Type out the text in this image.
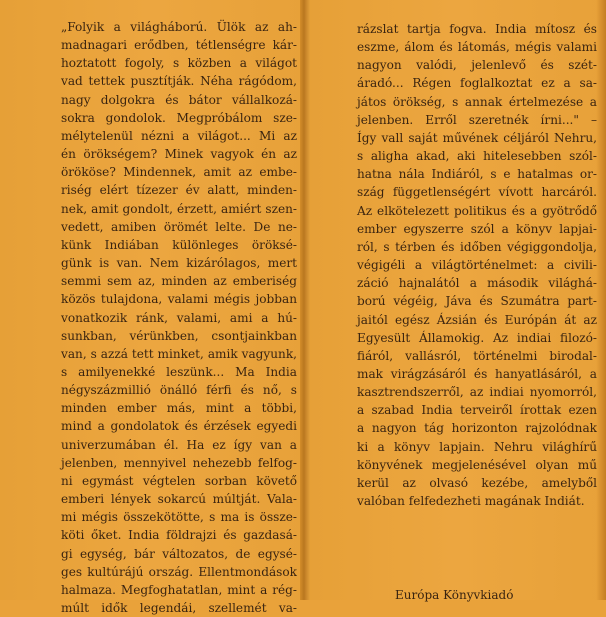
„Folyik a világháború. Ülök az ah-
madnagari erődben, tétlenségre kár-
hoztatott fogoly, s közben a világot
vad tettek pusztítják. Néha rágódom,
nagy dolgokra és bátor vállalkozá-
sokra gondolok. Megpróbálom sze-
mélytelenül nézni a világot... Mi az
én örökségem? Minek vagyok én az
örököse? Mindennek, amit az embe-
riség elért tízezer év alatt, minden-
nek, amit gondolt, érzett, amiért szen-
vedett, amiben örömét lelte. De ne-
künk Indiában különleges öröksé-
günk is van. Nem kizárólagos, mert
semmi sem az, minden az emberiség
közös tulajdona, valami mégis jobban
vonatkozik ránk, valami, ami a hú-
sunkban, vérünkben, csontjainkban
van, s azzá tett minket, amik vagyunk,
s amilyenekké leszünk... Ma India
négyszázmillió önálló férfi és nő, s
minden ember más, mint a többi,
mind a gondolatok és érzések egyedi
univerzumában él. Ha ez így van a
jelenben, mennyivel nehezebb felfog-
ni egymást végtelen sorban követő
emberi lények sokarcú múltját. Vala-
mi mégis összekötötte, s ma is össze-
köti őket. India földrajzi és gazdasá-
gi egység, bár változatos, de egysé-
ges kultúrájú ország. Ellentmondások
halmaza. Megfoghatatlan, mint a rég-
múlt idők legendái, szellemét va-
rázslat tartja fogva. India mítosz és
eszme, álom és látomás, mégis valami
nagyon valódi, jelenlevő és szét-
áradó... Régen foglalkoztat ez a sa-
játos örökség, s annak értelmezése a
jelenben. Erről szeretnék írni..." –
Így vall saját művének céljáról Nehru,
s aligha akad, aki hitelesebben szól-
hatna nála Indiáról, s e hatalmas or-
szág függetlenségért vívott harcáról.
Az elkötelezett politikus és a gyötrődő
ember egyszerre szól a könyv lapjai-
ról, s térben és időben végiggondolja,
végigéli a világtörténelmet: a civili-
záció hajnalától a második világhá-
ború végéig, Jáva és Szumátra part-
jaitól egész Ázsián és Európán át az
Egyesült Államokig. Az indiai filozó-
fiáról, vallásról, történelmi birodal-
mak virágzásáról és hanyatlásáról, a
kasztrendszerről, az indiai nyomorról,
a szabad India terveiről írottak ezen
a nagyon tág horizonton rajzolódnak
ki a könyv lapjain. Nehru világhírű
könyvének megjelenésével olyan mű
kerül az olvasó kezébe, amelyből
valóban felfedezheti magának Indiát.
Európa Könyvkiadó
